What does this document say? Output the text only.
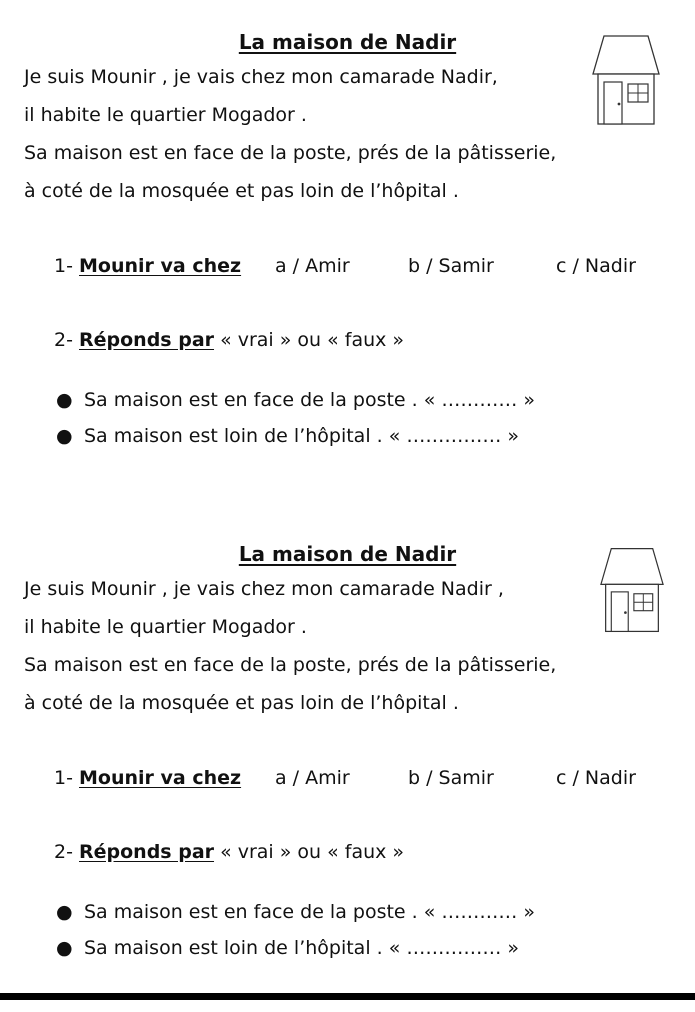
La maison de Nadir
Je suis Mounir , je vais chez mon camarade Nadir,
il habite le quartier Mogador .
Sa maison est en face de la poste, prés de la pâtisserie,
à coté de la mosquée et pas loin de l’hôpital .
1- Mounir va chez a / Amir	b / Samir	c / Nadir
2- Réponds par « vrai » ou « faux »
● Sa maison est en face de la poste . « ………… »
● Sa maison est loin de l’hôpital . « …………… »
La maison de Nadir
Je suis Mounir , je vais chez mon camarade Nadir ,
il habite le quartier Mogador .
Sa maison est en face de la poste, prés de la pâtisserie,
à coté de la mosquée et pas loin de l’hôpital .
1- Mounir va chez a / Amir	b / Samir	c / Nadir
2- Réponds par « vrai » ou « faux »
● Sa maison est en face de la poste . « ………… »
● Sa maison est loin de l’hôpital . « …………… »
